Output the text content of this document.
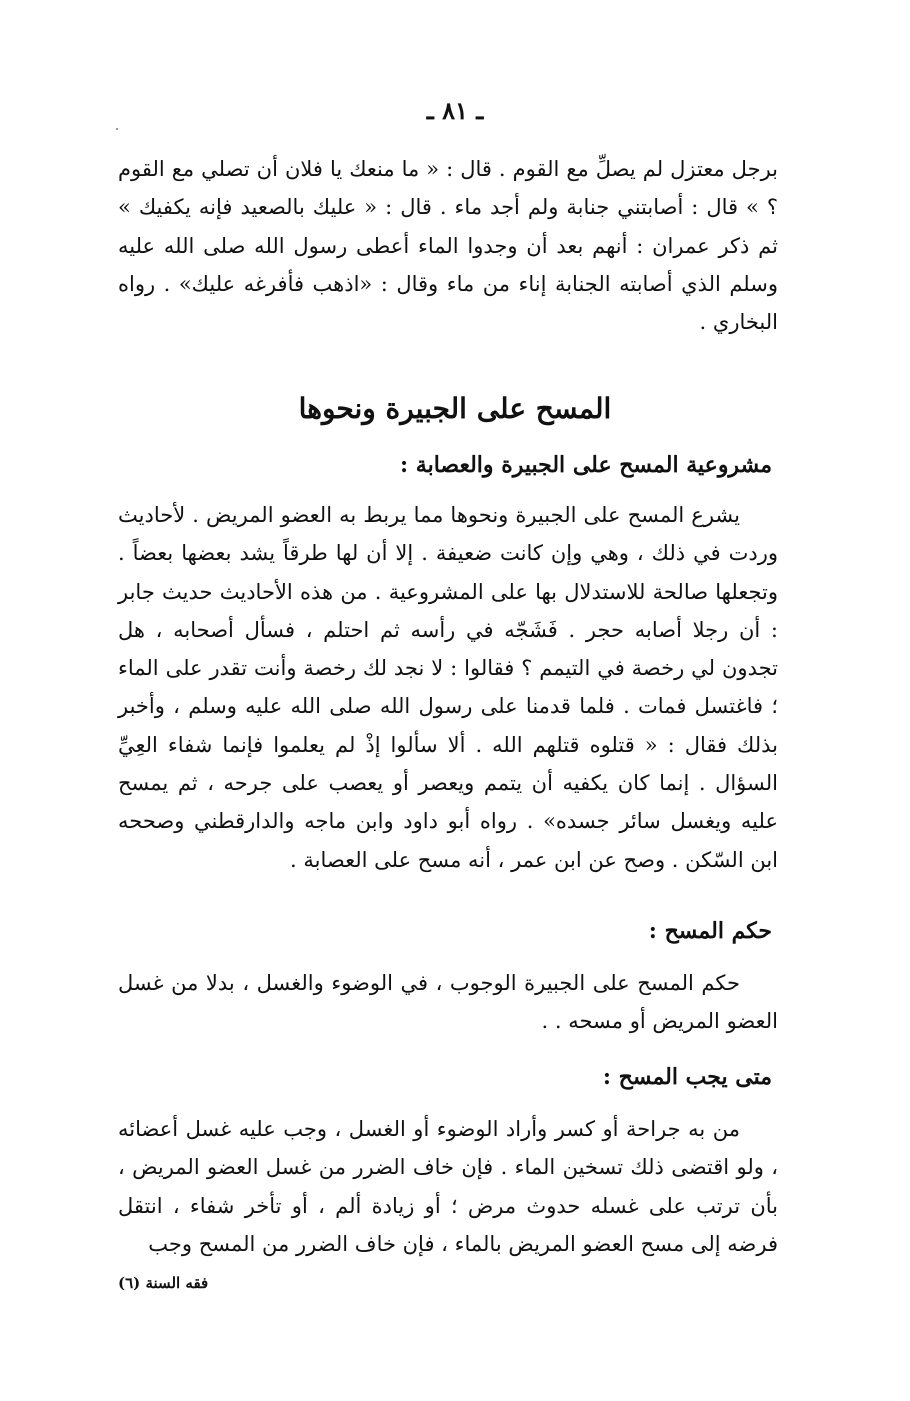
ـ ٨١ ـ

برجل معتزل لم يصلِّ مع القوم . قال : « ما منعك يا فلان أن تصلي مع القوم ؟ » قال : أصابتني جنابة ولم أجد ماء . قال : « عليك بالصعيد فإنه يكفيك » ثم ذكر عمران : أنهم بعد أن وجدوا الماء أعطى رسول الله صلى الله عليه وسلم الذي أصابته الجنابة إناء من ماء وقال : «اذهب فأفرغه عليك» . رواه البخاري .

المسح على الجبيرة ونحوها
مشروعية المسح على الجبيرة والعصابة :

يشرع المسح على الجبيرة ونحوها مما يربط به العضو المريض . لأحاديث وردت في ذلك ، وهي وإن كانت ضعيفة . إلا أن لها طرقاً يشد بعضها بعضاً . وتجعلها صالحة للاستدلال بها على المشروعية . من هذه الأحاديث حديث جابر : أن رجلا أصابه حجر . فَشَجّه في رأسه ثم احتلم ، فسأل أصحابه ، هل تجدون لي رخصة في التيمم ؟ فقالوا : لا نجد لك رخصة وأنت تقدر على الماء ؛ فاغتسل فمات . فلما قدمنا على رسول الله صلى الله عليه وسلم ، وأخبر بذلك فقال : « قتلوه قتلهم الله . ألا سألوا إذْ لم يعلموا فإنما شفاء العِيِّ السؤال . إنما كان يكفيه أن يتمم ويعصر أو يعصب على جرحه ، ثم يمسح عليه ويغسل سائر جسده» . رواه أبو داود وابن ماجه والدارقطني وصححه ابن السّكن . وصح عن ابن عمر ، أنه مسح على العصابة .

حكم المسح :

حكم المسح على الجبيرة الوجوب ، في الوضوء والغسل ، بدلا من غسل العضو المريض أو مسحه . .

متى يجب المسح :

من به جراحة أو كسر وأراد الوضوء أو الغسل ، وجب عليه غسل أعضائه ، ولو اقتضى ذلك تسخين الماء . فإن خاف الضرر من غسل العضو المريض ، بأن ترتب على غسله حدوث مرض ؛ أو زيادة ألم ، أو تأخر شفاء ، انتقل فرضه إلى مسح العضو المريض بالماء ، فإن خاف الضرر من المسح وجب

فقه السنة (٦)
